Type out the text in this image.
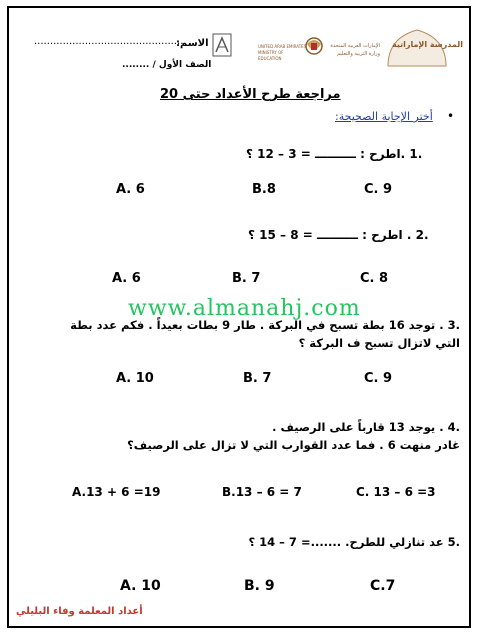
الاسم:
................................................
الصف الأول / ........
UNITED ARAB EMIRATES MINISTRY OF EDUCATION
الإمارات العربية المتحدة وزارة التربية والتعليم
المدرسة الإماراتية
مراجعة طرح الأعداد حتى 20
•
أختر الإجابة الصحيحة:
.1 .اطرح : ــــــــــ = 3 – 12 ؟
A. 6	B.8	C. 9
.2 . اطرح : ــــــــــ = 8 – 15 ؟
A. 6	B. 7	C. 8
www.almanahj.com
.3 . توجد 16 بطة تسبح في البركة . طار 9 بطات بعيداً . فكم عدد بطة
التي لاتزال تسبح ف البركة ؟
A. 10	B. 7	C. 9
.4 . يوجد 13 قارباً على الرصيف .
غادر منهت 6 . فما عدد القوارب التي لا تزال على الرصيف؟
A.13 + 6 =19	B.13 – 6 = 7	C. 13 – 6 =3
.5 عد تنازلي للطرح. .......= 7 – 14 ؟
A. 10	B. 9	C.7
أعداد المعلمة وفاء البليلي
